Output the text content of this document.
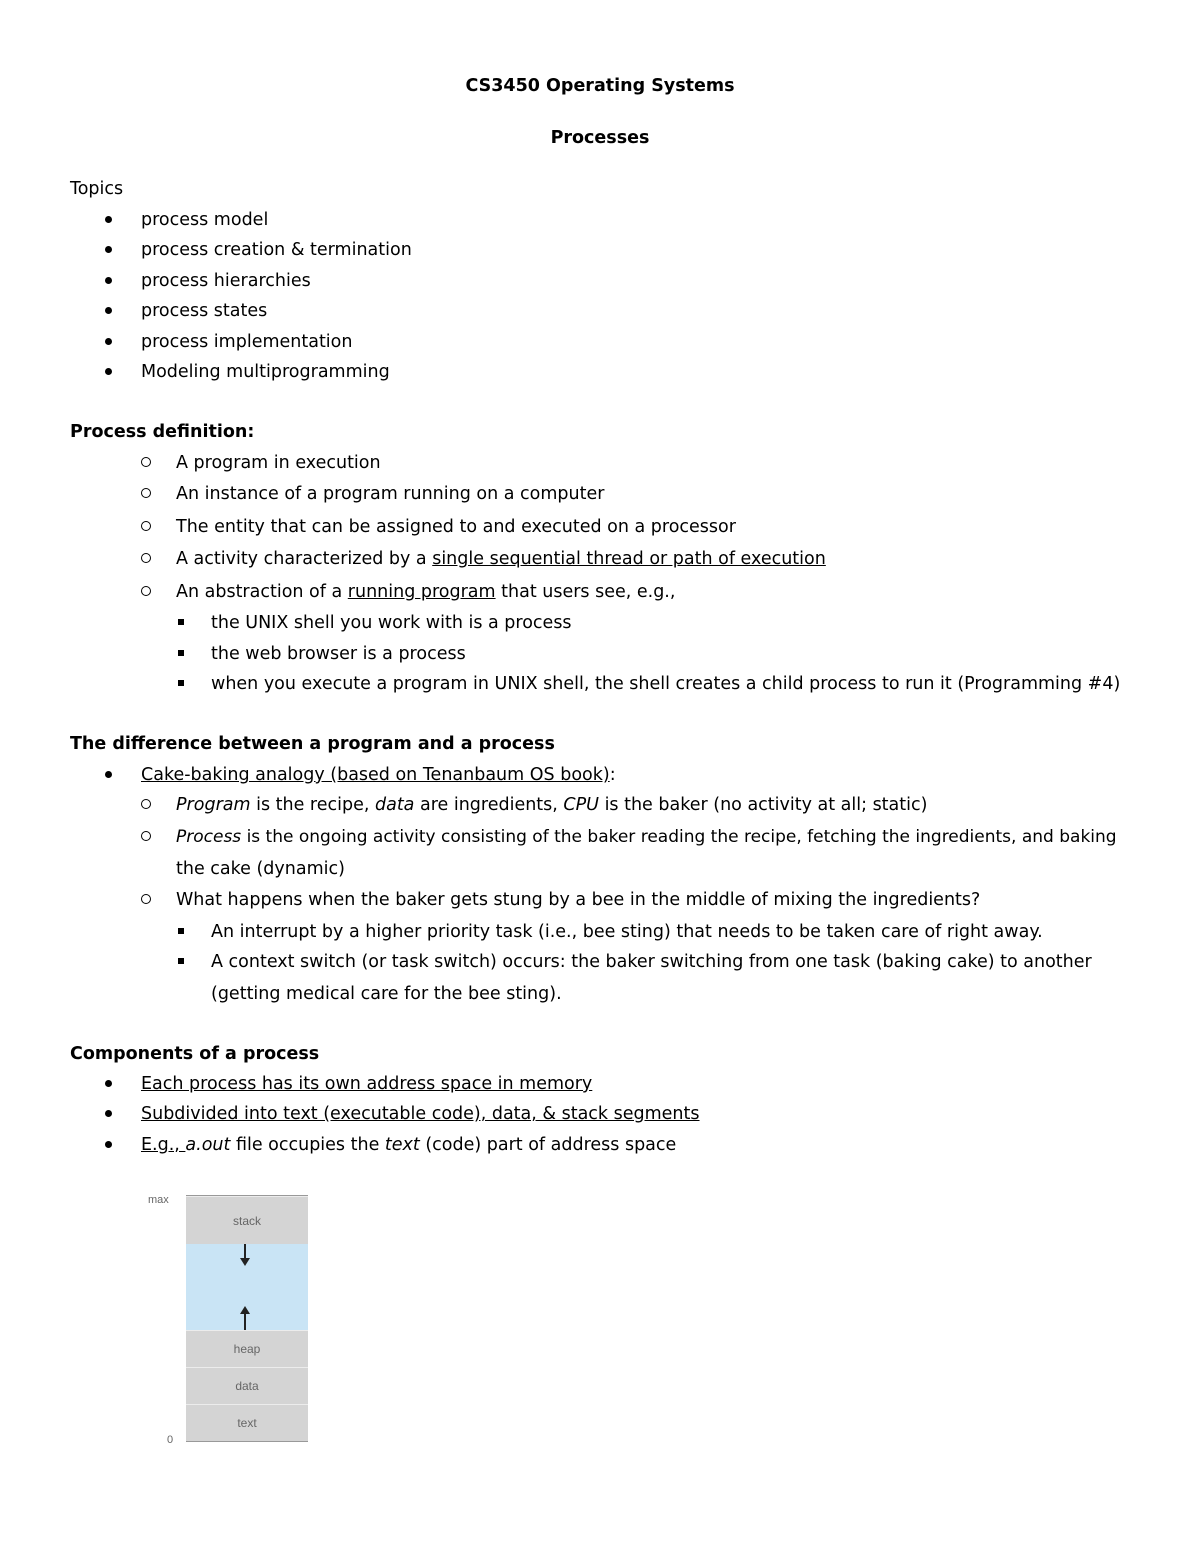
CS3450 Operating Systems
Processes
Topics
process model
process creation & termination
process hierarchies
process states
process implementation
Modeling multiprogramming
Process definition:
A program in execution
An instance of a program running on a computer
The entity that can be assigned to and executed on a processor
A activity characterized by a single sequential thread or path of execution
An abstraction of a running program that users see, e.g.,
the UNIX shell you work with is a process
the web browser is a process
when you execute a program in UNIX shell, the shell creates a child process to run it (Programming #4)
The difference between a program and a process
Cake-baking analogy (based on Tenanbaum OS book):
Program is the recipe, data are ingredients, CPU is the baker (no activity at all; static)
Process is the ongoing activity consisting of the baker reading the recipe, fetching the ingredients, and baking
the cake (dynamic)
What happens when the baker gets stung by a bee in the middle of mixing the ingredients?
An interrupt by a higher priority task (i.e., bee sting) that needs to be taken care of right away.
A context switch (or task switch) occurs: the baker switching from one task (baking cake) to another
(getting medical care for the bee sting).
Components of a process
Each process has its own address space in memory
Subdivided into text (executable code), data, & stack segments
E.g., a.out file occupies the text (code) part of address space
max
stack
heap
data
text
0
